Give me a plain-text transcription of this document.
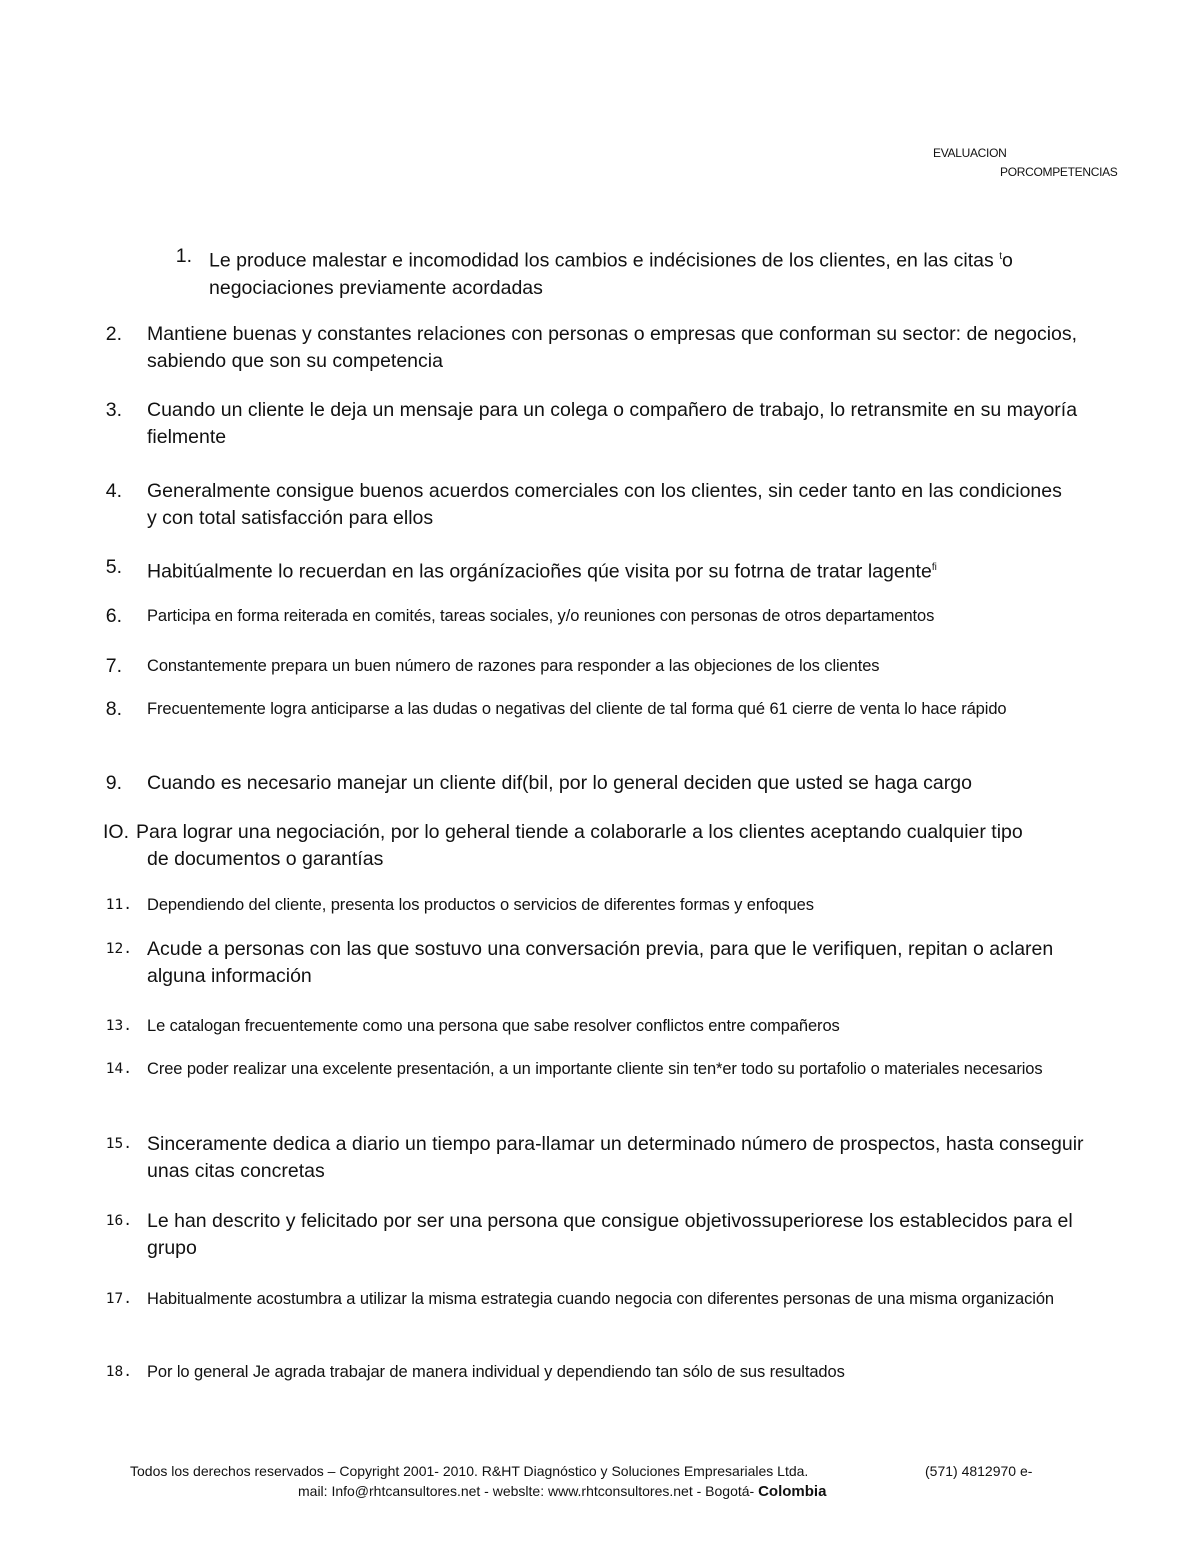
EVALUACION
PORCOMPETENCIAS
1. Le produce malestar e incomodidad los cambios e indécisiones de los clientes, en las citas $^t$o negociaciones previamente acordadas
2. Mantiene buenas y constantes relaciones con personas o empresas que conforman su sector: de negocios, sabiendo que son su competencia
3. Cuando un cliente le deja un mensaje para un colega o compañero de trabajo, lo retransmite en su mayoría fielmente
4. Generalmente consigue buenos acuerdos comerciales con los clientes, sin ceder tanto en las condiciones y con total satisfacción para ellos
5. Habitúalmente lo recuerdan en las orgánízacioñes qúe visita por su fotrna de tratar lagente$^{fi}$
6. Participa en forma reiterada en comités, tareas sociales, y/o reuniones con personas de otros departamentos
7. Constantemente prepara un buen número de razones para responder a las objeciones de los clientes
8. Frecuentemente logra anticiparse a las dudas o negativas del cliente de tal forma qué 61 cierre de venta lo hace rápido
9. Cuando es necesario manejar un cliente dif(bil, por lo general deciden que usted se haga cargo
IO. Para lograr una negociación, por lo geheral tiende a colaborarle a los clientes aceptando cualquier tipo
de documentos o garantías
11. Dependiendo del cliente, presenta los productos o servicios de diferentes formas y enfoques
12. Acude a personas con las que sostuvo una conversación previa, para que le verifiquen, repitan o aclaren alguna información
13. Le catalogan frecuentemente como una persona que sabe resolver conflictos entre compañeros
14. Cree poder realizar una excelente presentación, a un importante cliente sin ten*er todo su portafolio o materiales necesarios
15. Sinceramente dedica a diario un tiempo para-llamar un determinado número de prospectos, hasta conseguir unas citas concretas
16. Le han descrito y felicitado por ser una persona que consigue objetivossuperiorese los establecidos para el grupo
17. Habitualmente acostumbra a utilizar la misma estrategia cuando negocia con diferentes personas de una misma organización
18. Por lo general Je agrada trabajar de manera individual y dependiendo tan sólo de sus resultados
Todos los derechos reservados – Copyright 2001- 2010. R&HT Diagnóstico y Soluciones Empresariales Ltda.	(571) 4812970 e-
mail: Info@rhtcansultores.net - webslte: www.rhtconsultores.net - Bogotá- Colombia
